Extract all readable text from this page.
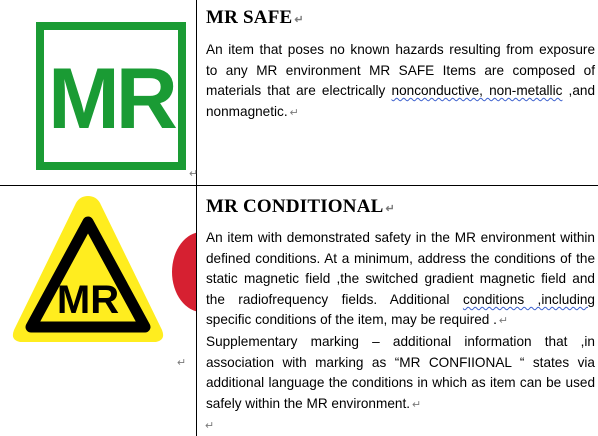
MR
↵
MR SAFE ↵
An item that poses no known hazards resulting from exposure
to any MR environment MR SAFE Items are composed of
materials that are electrically nonconductive, non-metallic ,and
nonmagnetic. ↵
MR
↵
MR CONDITIONAL ↵
An item with demonstrated safety in the MR environment within
defined conditions. At a minimum, address the conditions of the
static magnetic field ,the switched gradient magnetic field and
the radiofrequency fields. Additional conditions ,including
specific conditions of the item, may be required . ↵
Supplementary marking – additional information that ,in
association with marking as “MR CONFIIONAL “ states via
additional language the conditions in which as item can be used
safely within the MR environment. ↵
↵
